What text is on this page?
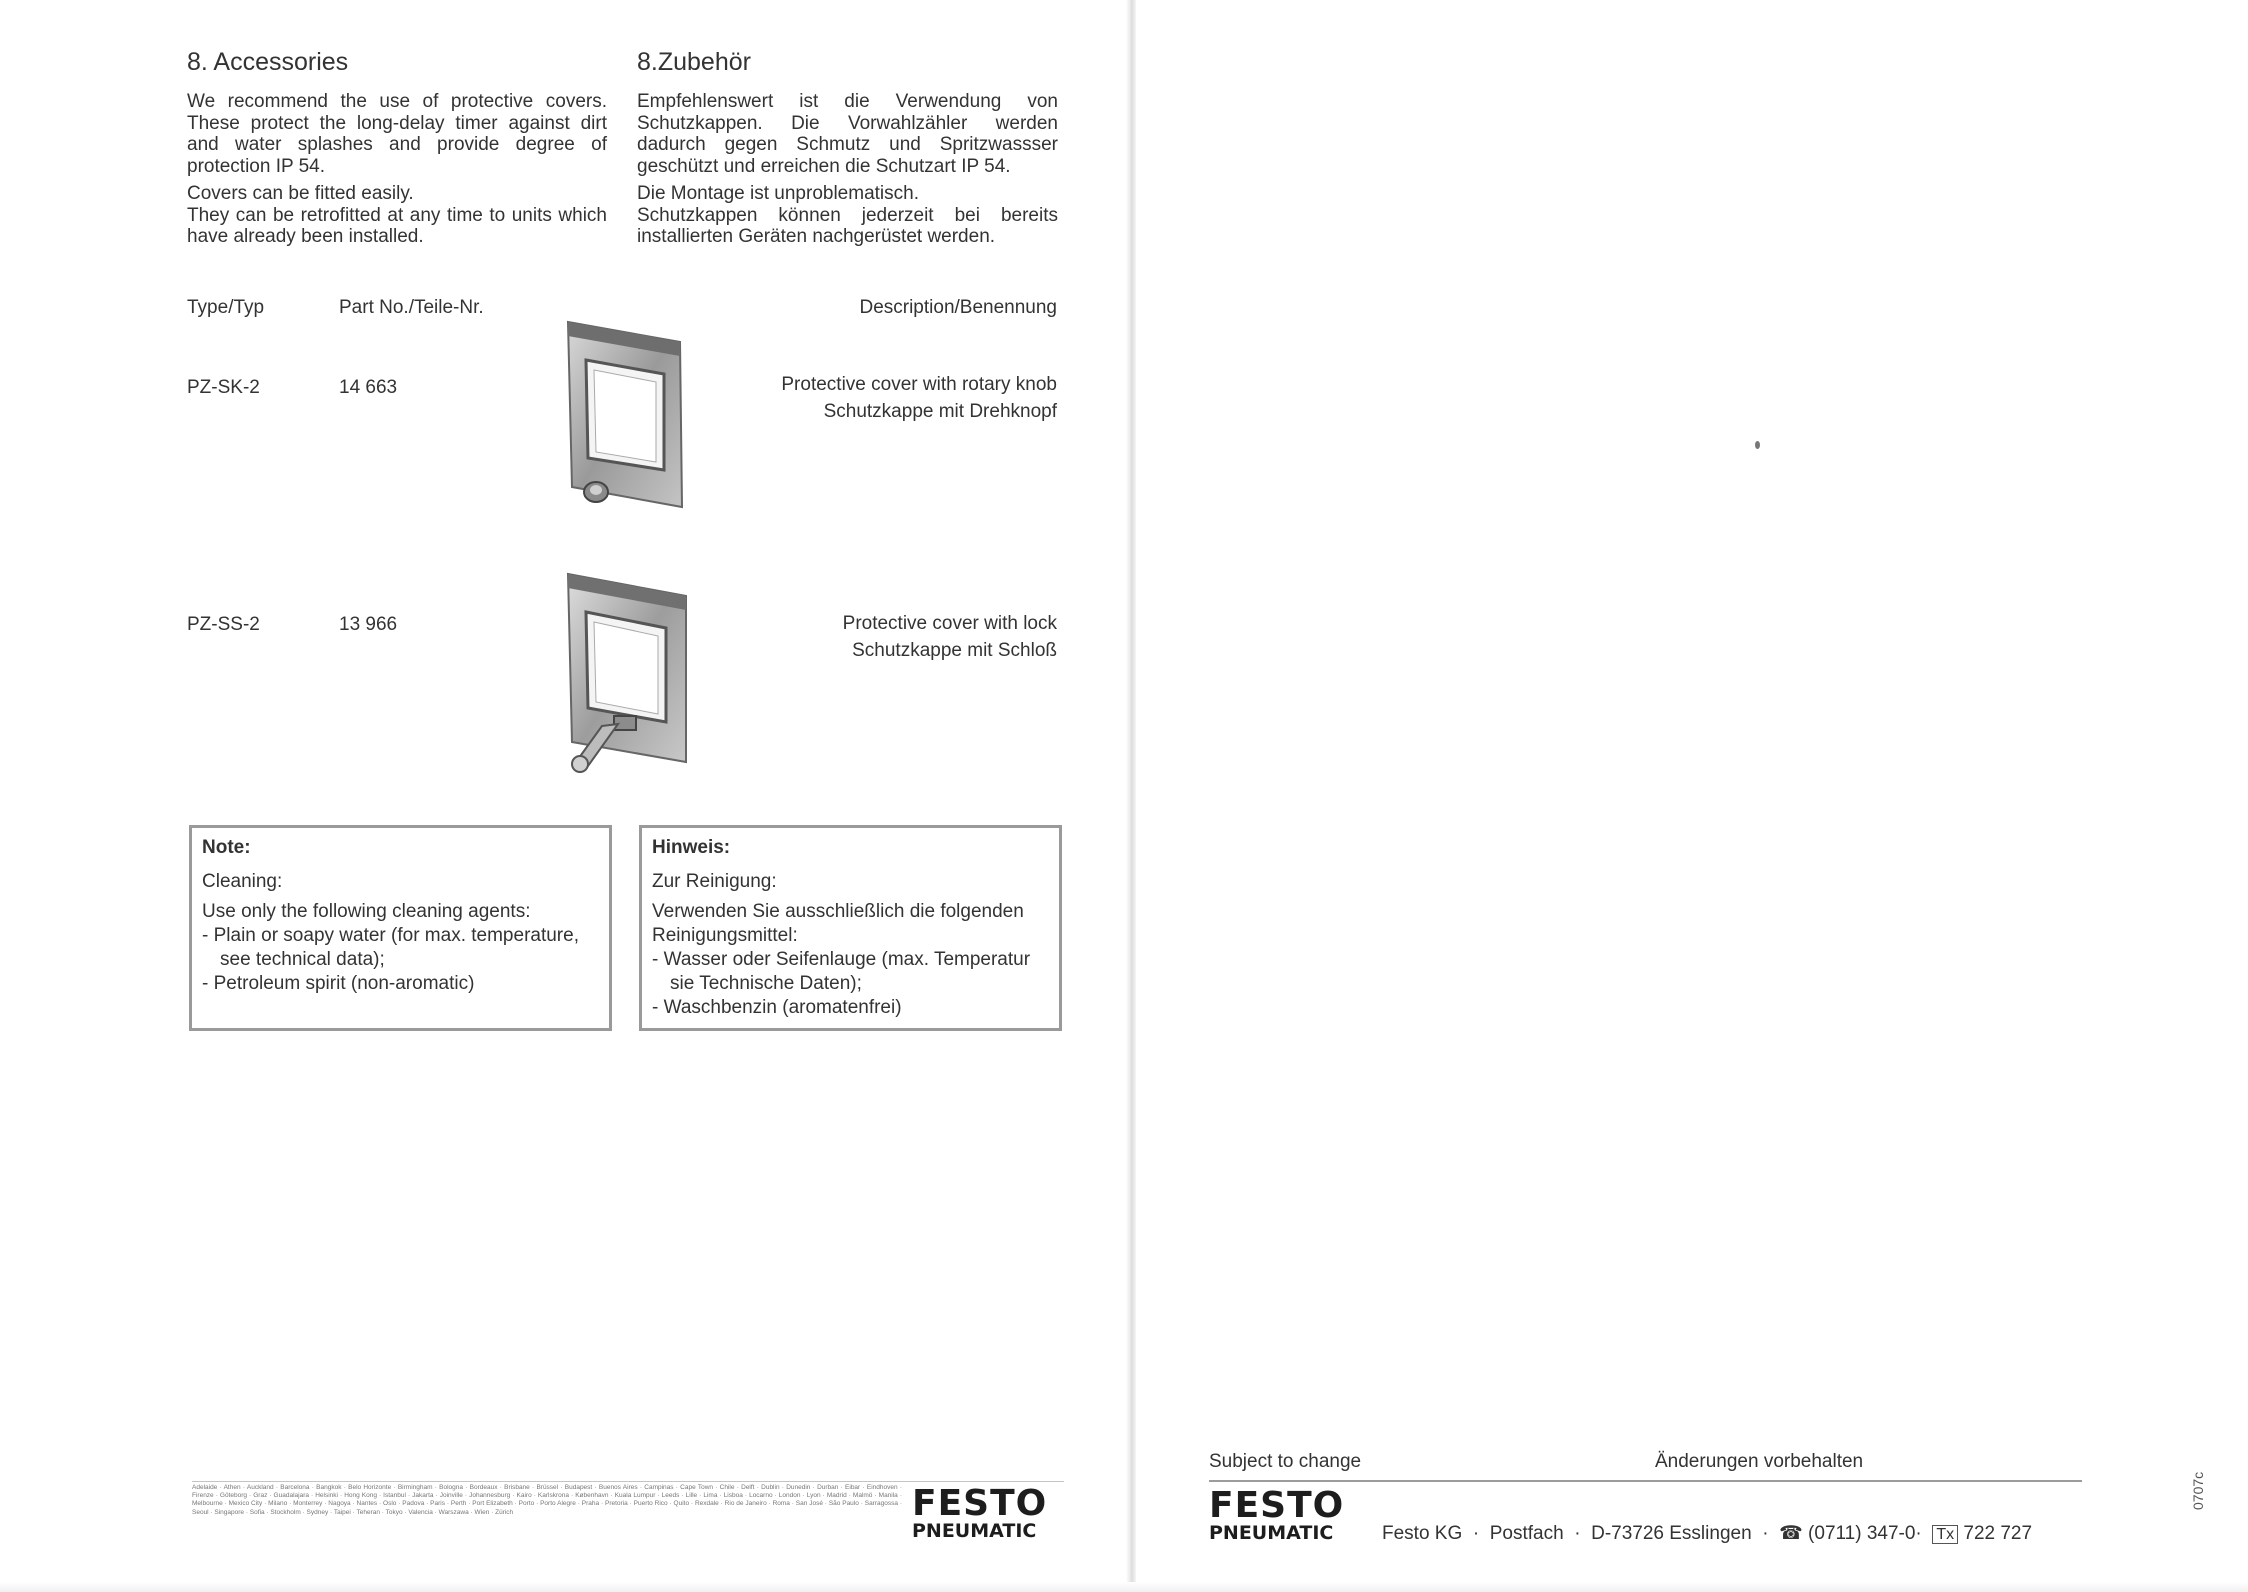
8. Accessories

We recommend the use of protective covers. These protect the long-delay timer against dirt and water splashes and provide degree of protection IP 54.

Covers can be fitted easily.

They can be retrofitted at any time to units which have already been installed.

8.Zubehör

Empfehlenswert ist die Verwendung von Schutzkappen. Die Vorwahlzähler werden dadurch gegen Schmutz und Spritzwassser geschützt und erreichen die Schutzart IP 54.

Die Montage ist unproblematisch.

Schutzkappen können jederzeit bei bereits installierten Geräten nachgerüstet werden.

Type/Typ	Part No./Teile-Nr.	Description/Benennung
PZ-SK-2	14 663	Protective cover with rotary knob
Schutzkappe mit Drehknopf
PZ-SS-2	13 966	Protective cover with lock
Schutzkappe mit Schloß
Note:
Cleaning:
Use only the following cleaning agents:
- Plain or soapy water (for max. temperature, see technical data);
- Petroleum spirit (non-aromatic)
Hinweis:
Zur Reinigung:
Verwenden Sie ausschließlich die folgenden Reinigungsmittel:
- Wasser oder Seifenlauge (max. Temperatur sie Technische Daten);
- Waschbenzin (aromatenfrei)
Adelaide · Athen · Auckland · Barcelona · Bangkok · Belo Horizonte · Birmingham · Bologna · Bordeaux · Brisbane · Brüssel · Budapest · Buenos Aires · Campinas · Cape Town · Chile · Delft · Dublin · Dunedin · Durban · Eibar · Eindhoven · Firenze · Göteborg · Graz · Guadalajara · Helsinki · Hong Kong · Istanbul · Jakarta · Joinville · Johannesburg · Kairo · Karlskrona · København · Kuala Lumpur · Leeds · Lille · Lima · Lisboa · Locarno · London · Lyon · Madrid · Malmö · Manila · Melbourne · Mexico City · Milano · Monterrey · Nagoya · Nantes · Oslo · Padova · Paris · Perth · Port Elizabeth · Porto · Porto Alegre · Praha · Pretoria · Puerto Rico · Quito · Rexdale · Rio de Janeiro · Roma · San José · São Paulo · Sarragossa · Seoul · Singapore · Sofia · Stockholm · Sydney · Taipei · Teheran · Tokyo · Valencia · Warszawa · Wien · Zürich	FESTO
PNEUMATIC
Subject to change	Änderungen vorbehalten
FESTO
PNEUMATIC	Festo KG · Postfach · D-73726 Esslingen · ☎ (0711) 347-0· Tx 722 727
0707c
